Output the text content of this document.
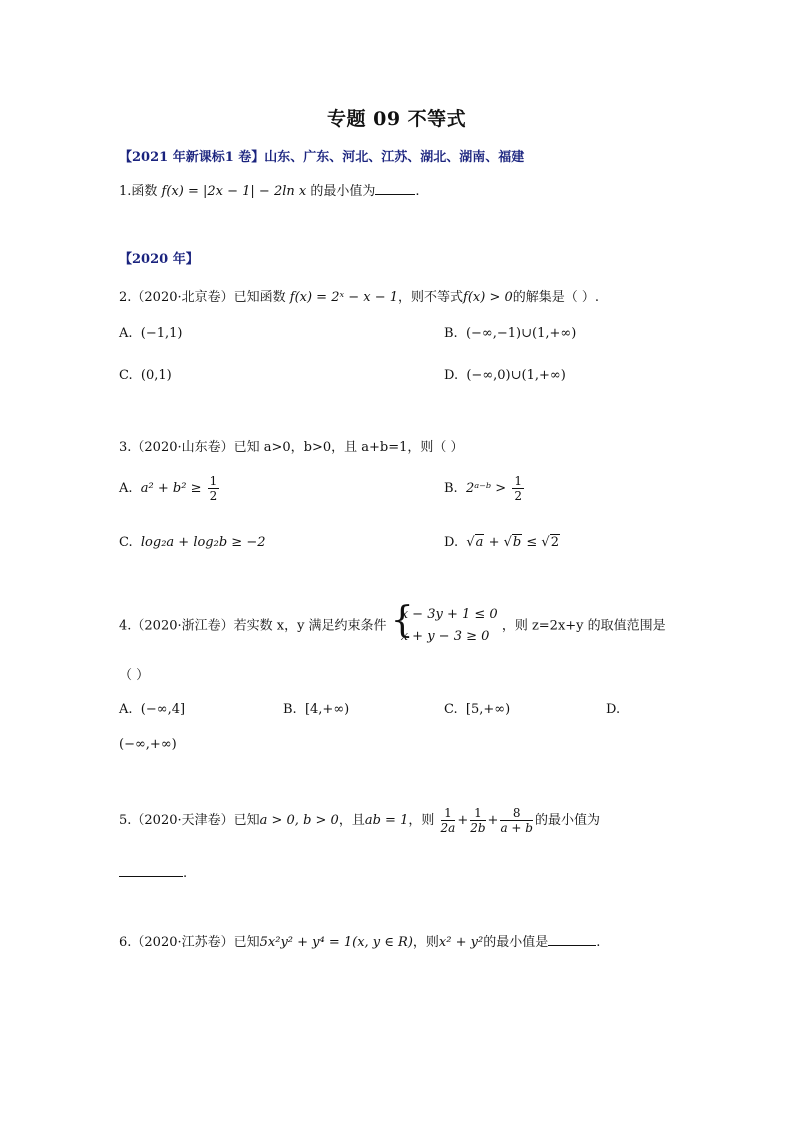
专题 09 不等式
【2021 年新课标1 卷】山东、广东、河北、江苏、湖北、湖南、福建
1.函数 f(x) = |2x − 1| − 2ln x 的最小值为	.
【2020 年】
2.（2020·北京卷）已知函数 f(x) = 2ˣ − x − 1，则不等式f(x) > 0的解集是（ ）.
A. (−1,1)	B. (−∞,−1)∪(1,+∞)
C. (0,1)	D. (−∞,0)∪(1,+∞)
3.（2020·山东卷）已知 a>0，b>0，且 a+b=1，则（ ）
A. $a^2 + b^2 \ge \frac{1}{2}$	B. 2ᵃ⁻ᵇ > $\frac{1}{2}$
C. log₂a + log₂b ≥ −2	D. √a + √b ≤ √2
4.（2020·浙江卷）若实数 x，y 满足约束条件 {
x − 3y + 1 ≤ 0
x + y − 3 ≥ 0
，则 z=2x+y 的取值范围是
（ ）
A. (−∞,4]	B. [4,+∞)	C. [5,+∞)	D.
(−∞,+∞)
5.（2020·天津卷）已知a > 0, b > 0，且ab = 1，则 $\frac{1}{2a} + \frac{1}{2b} + \frac{8}{a + b}$ 的最小值为
.
6.（2020·江苏卷）已知5x²y² + y⁴ = 1(x, y ∈ R)，则x² + y²的最小值是	.
